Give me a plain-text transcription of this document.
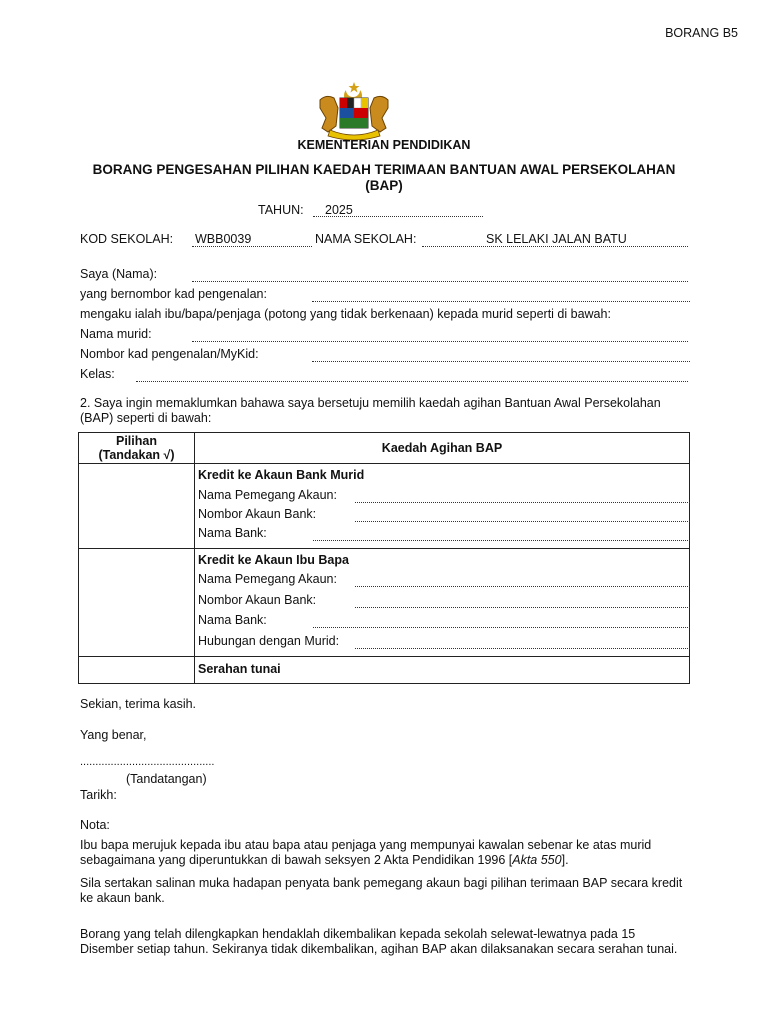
BORANG B5
KEMENTERIAN PENDIDIKAN
BORANG PENGESAHAN PILIHAN KAEDAH TERIMAAN BANTUAN AWAL PERSEKOLAHAN
(BAP)
TAHUN: 2025
KOD SEKOLAH: WBB0039	NAMA SEKOLAH:	SK LELAKI JALAN BATU
Saya (Nama):
yang bernombor kad pengenalan:
mengaku ialah ibu/bapa/penjaga (potong yang tidak berkenaan) kepada murid seperti di bawah:
Nama murid:
Nombor kad pengenalan/MyKid:
Kelas:
2. Saya ingin memaklumkan bahawa saya bersetuju memilih kaedah agihan Bantuan Awal Persekolahan
(BAP) seperti di bawah:
Pilihan
(Tandakan √)	Kaedah Agihan BAP

	Kredit ke Akaun Bank Murid
Nama Pemegang Akaun:
Nombor Akaun Bank:
Nama Bank:

	Kredit ke Akaun Ibu Bapa
Nama Pemegang Akaun:
Nombor Akaun Bank:
Nama Bank:
Hubungan dengan Murid:

	Serahan tunai
Sekian, terima kasih.
Yang benar,
............................................
(Tandatangan)
Tarikh:
Nota:
Ibu bapa merujuk kepada ibu atau bapa atau penjaga yang mempunyai kawalan sebenar ke atas murid
sebagaimana yang diperuntukkan di bawah seksyen 2 Akta Pendidikan 1996 [Akta 550].
Sila sertakan salinan muka hadapan penyata bank pemegang akaun bagi pilihan terimaan BAP secara kredit
ke akaun bank.
Borang yang telah dilengkapkan hendaklah dikembalikan kepada sekolah selewat-lewatnya pada 15
Disember setiap tahun. Sekiranya tidak dikembalikan, agihan BAP akan dilaksanakan secara serahan tunai.
